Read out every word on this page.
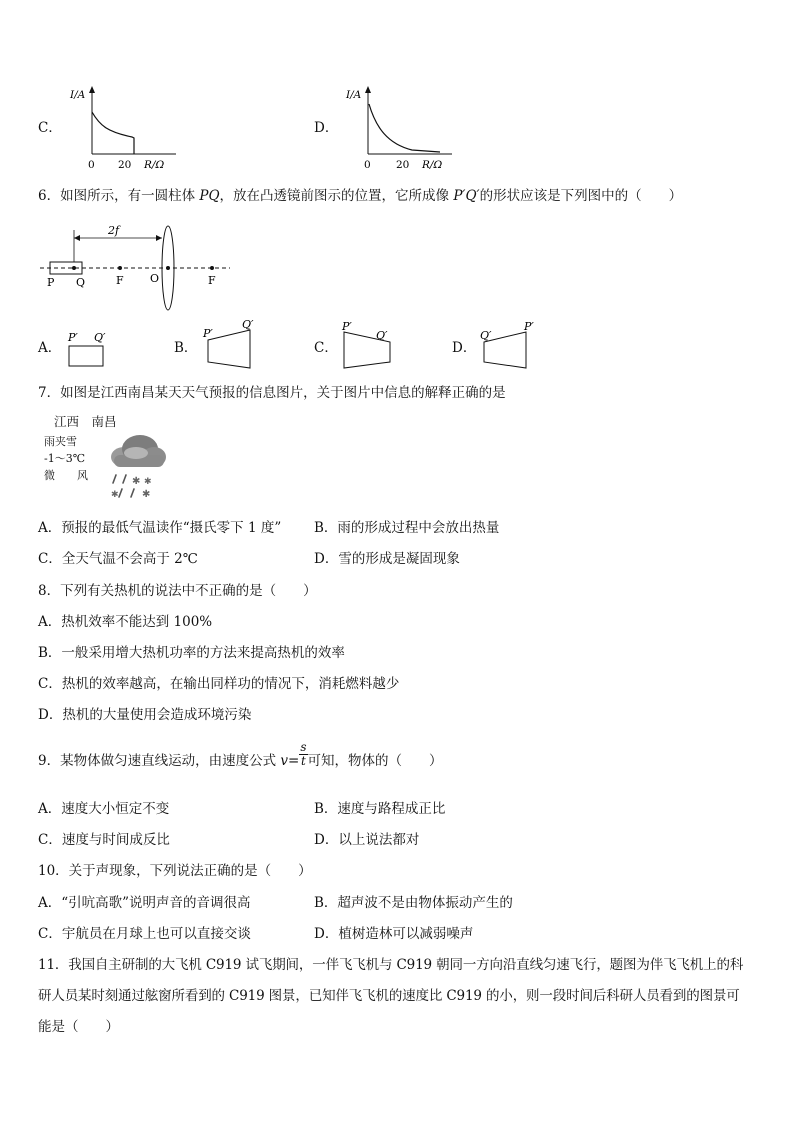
C．
I/A
0 20 R/Ω
D．
I/A
0 20 R/Ω
6．如图所示，有一圆柱体 PQ，放在凸透镜前图示的位置，它所成像 P′Q′的形状应该是下列图中的（　　）
2f
P Q	F O	F
A．
P′ Q′
B．
P′
Q′
C．
P′
Q′
D．
Q′
P′
7．如图是江西南昌某天天气预报的信息图片，关于图片中信息的解释正确的是
江西　南昌
雨夹雪
-1～3℃
微　　风	✱ ✱
✱ ✱
A．预报的最低气温读作“摄氏零下 1 度” B．雨的形成过程中会放出热量
C．全天气温不会高于 2℃	D．雪的形成是凝固现象
8．下列有关热机的说法中不正确的是（　　）
A．热机效率不能达到 100%
B．一般采用增大热机功率的方法来提高热机的效率
C．热机的效率越高，在输出同样功的情况下，消耗燃料越少
D．热机的大量使用会造成环境污染
9．某物体做匀速直线运动，由速度公式 $v= \frac{s}{t}$ 可知，物体的（　　）
A．速度大小恒定不变	B．速度与路程成正比
C．速度与时间成反比	D．以上说法都对
10．关于声现象，下列说法正确的是（　　）
A．“引吭高歌”说明声音的音调很高	B．超声波不是由物体振动产生的
C．宇航员在月球上也可以直接交谈	D．植树造林可以减弱噪声
11．我国自主研制的大飞机 C919 试飞期间，一伴飞飞机与 C919 朝同一方向沿直线匀速飞行，题图为伴飞飞机上的科
研人员某时刻通过舷窗所看到的 C919 图景，已知伴飞飞机的速度比 C919 的小，则一段时间后科研人员看到的图景可
能是（　　）
